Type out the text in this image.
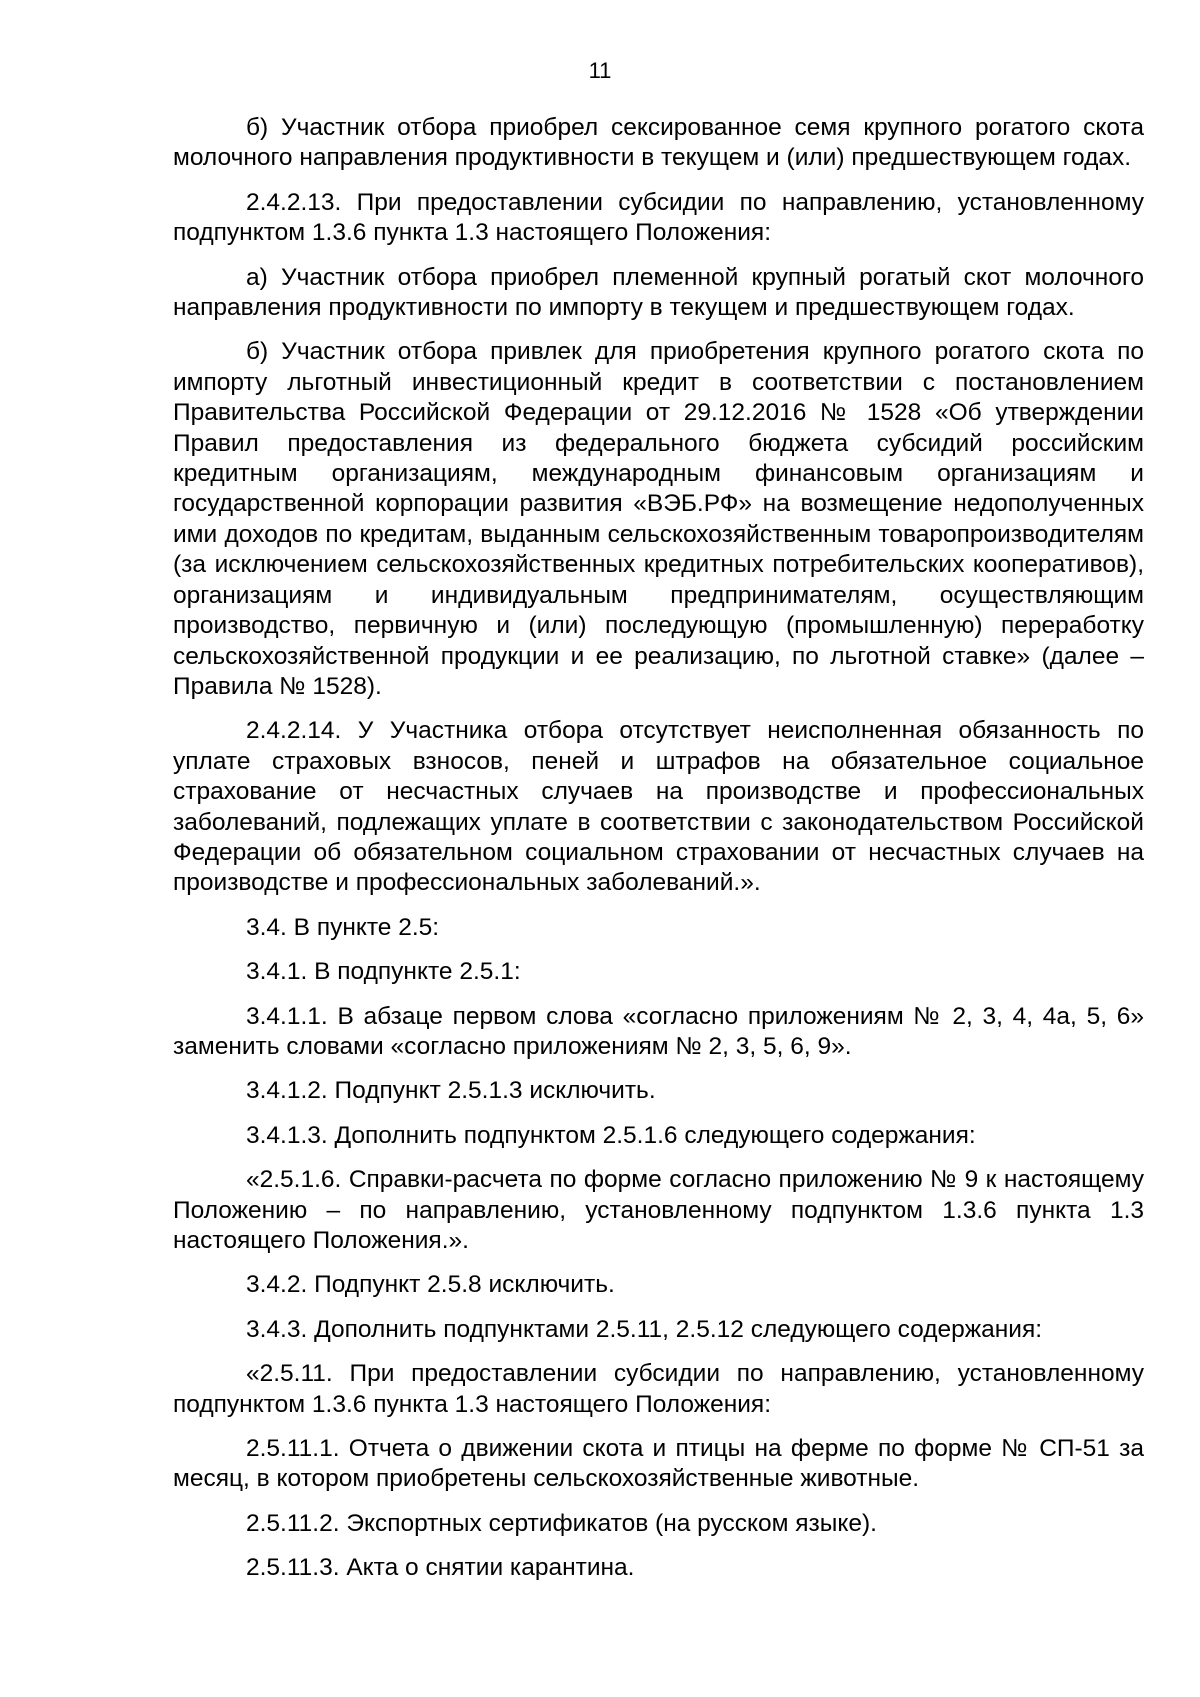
11

б) Участник отбора приобрел сексированное семя крупного рогатого скота молочного направления продуктивности в текущем и (или) предшествующем годах.

2.4.2.13. При предоставлении субсидии по направлению, установленному подпунктом 1.3.6 пункта 1.3 настоящего Положения:

а) Участник отбора приобрел племенной крупный рогатый скот молочного направления продуктивности по импорту в текущем и предшествующем годах.

б) Участник отбора привлек для приобретения крупного рогатого скота по импорту льготный инвестиционный кредит в соответствии с постановлением Правительства Российской Федерации от 29.12.2016 № 1528 «Об утверждении Правил предоставления из федерального бюджета субсидий российским кредитным организациям, международным финансовым организациям и государственной корпорации развития «ВЭБ.РФ» на возмещение недополученных ими доходов по кредитам, выданным сельскохозяйственным товаропроизводителям (за исключением сельскохозяйственных кредитных потребительских кооперативов), организациям и индивидуальным предпринимателям, осуществляющим производство, первичную и (или) последующую (промышленную) переработку сельскохозяйственной продукции и ее реализацию, по льготной ставке» (далее – Правила № 1528).

2.4.2.14. У Участника отбора отсутствует неисполненная обязанность по уплате страховых взносов, пеней и штрафов на обязательное социальное страхование от несчастных случаев на производстве и профессиональных заболеваний, подлежащих уплате в соответствии с законодательством Российской Федерации об обязательном социальном страховании от несчастных случаев на производстве и профессиональных заболеваний.».

3.4. В пункте 2.5:

3.4.1. В подпункте 2.5.1:

3.4.1.1. В абзаце первом слова «согласно приложениям № 2, 3, 4, 4а, 5, 6» заменить словами «согласно приложениям № 2, 3, 5, 6, 9».

3.4.1.2. Подпункт 2.5.1.3 исключить.

3.4.1.3. Дополнить подпунктом 2.5.1.6 следующего содержания:

«2.5.1.6. Справки-расчета по форме согласно приложению № 9 к настоящему Положению – по направлению, установленному подпунктом 1.3.6 пункта 1.3 настоящего Положения.».

3.4.2. Подпункт 2.5.8 исключить.

3.4.3. Дополнить подпунктами 2.5.11, 2.5.12 следующего содержания:

«2.5.11. При предоставлении субсидии по направлению, установленному подпунктом 1.3.6 пункта 1.3 настоящего Положения:

2.5.11.1. Отчета о движении скота и птицы на ферме по форме № СП-51 за месяц, в котором приобретены сельскохозяйственные животные.

2.5.11.2. Экспортных сертификатов (на русском языке).

2.5.11.3. Акта о снятии карантина.
